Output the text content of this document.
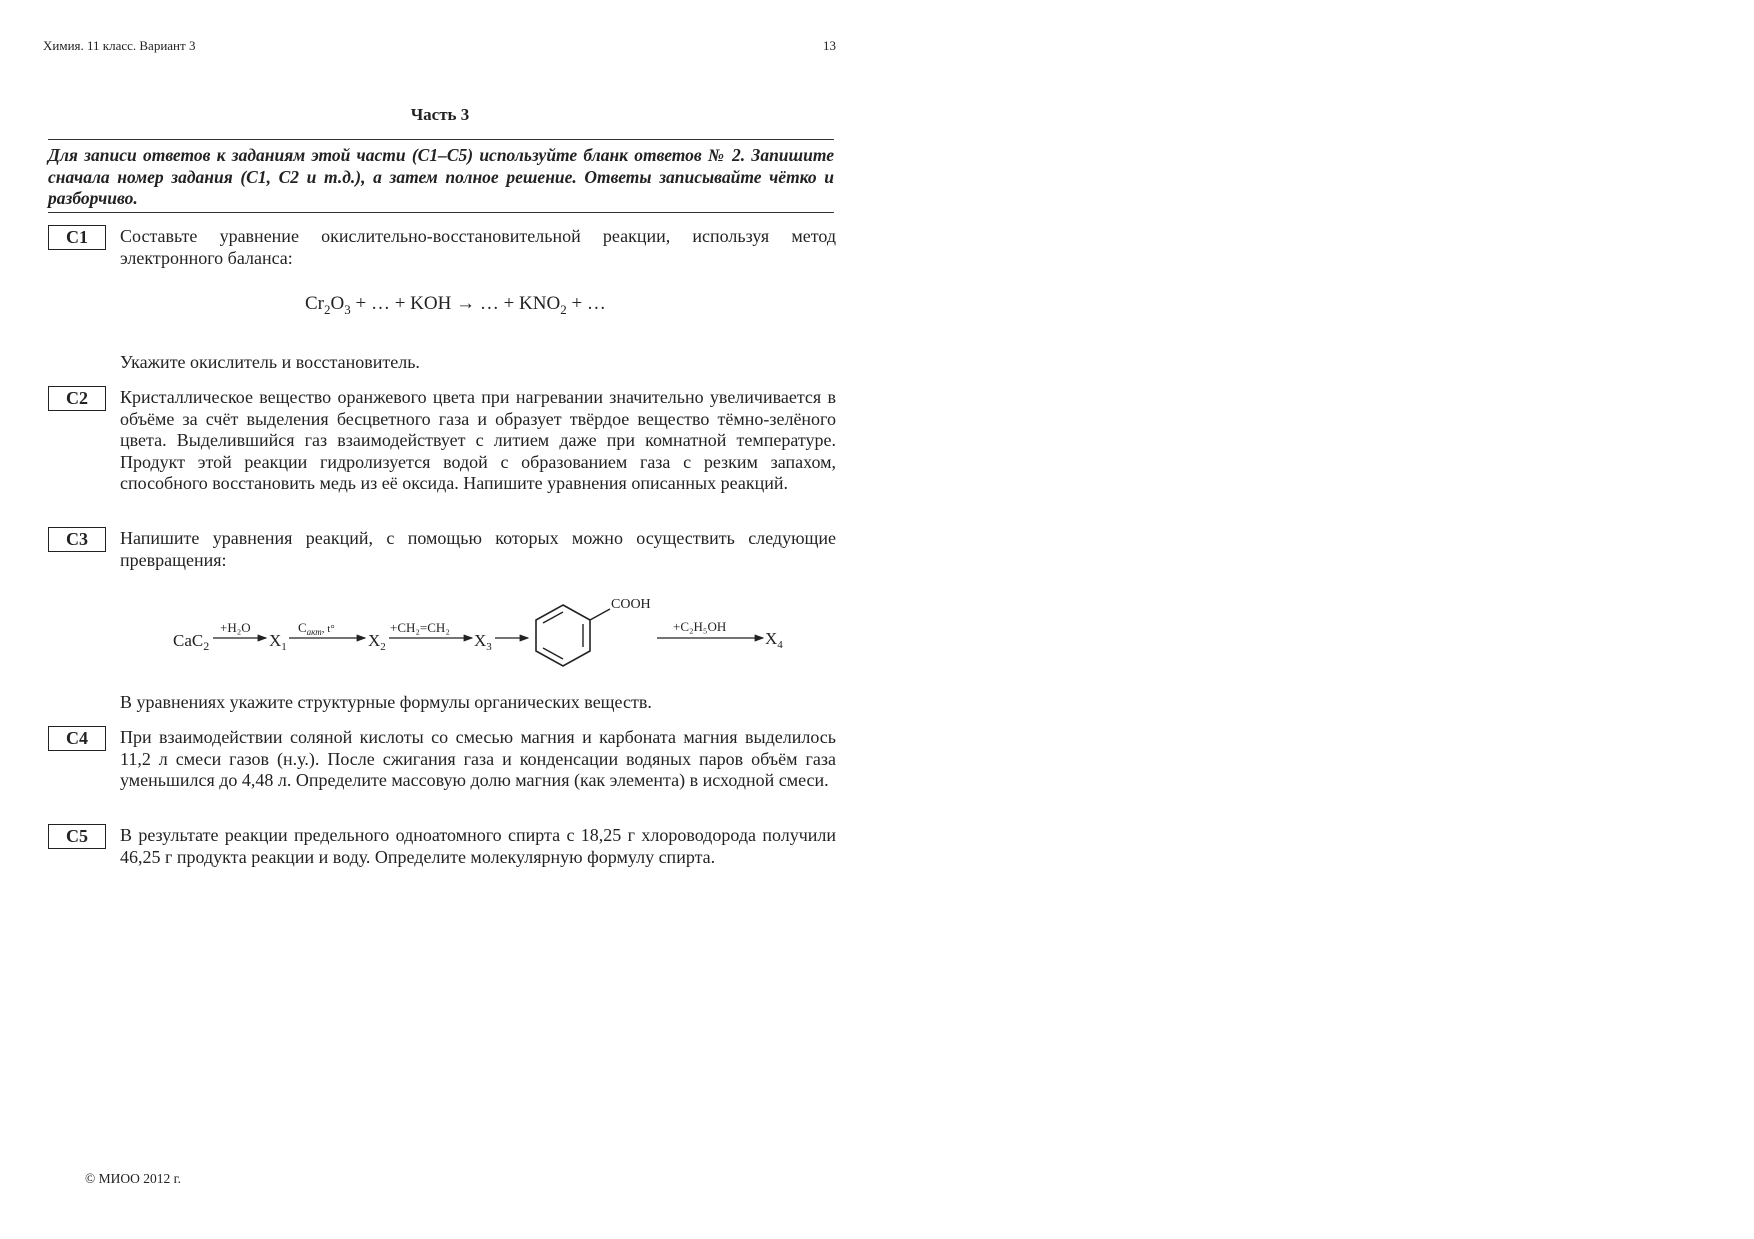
Химия. 11 класс. Вариант 3	13
Часть 3
Для записи ответов к заданиям этой части (С1–С5) используйте бланк ответов № 2. Запишите сначала номер задания (С1, С2 и т.д.), а затем полное решение. Ответы записывайте чётко и разборчиво.
С1	Составьте уравнение окислительно-восстановительной реакции, используя метод электронного баланса:
$Cr_2O_3$ + … + KOH → … + $KNO_2$ + …
Укажите окислитель и восстановитель.
С2	Кристаллическое вещество оранжевого цвета при нагревании значительно увеличивается в объёме за счёт выделения бесцветного газа и образует твёрдое вещество тёмно-зелёного цвета. Выделившийся газ взаимодействует с литием даже при комнатной температуре. Продукт этой реакции гидролизуется водой с образованием газа с резким запахом, способного восстановить медь из её оксида. Напишите уравнения описанных реакций.
С3	Напишите уравнения реакций, с помощью которых можно осуществить следующие превращения:
CaC$_2$
+H₂O
$X_1$
$C_{акт}^{, t^\circ}$
$X_2$
+CH₂=CH₂
$X_3$
COOH
+C₂H₅OH
$X_4$
В уравнениях укажите структурные формулы органических веществ.
С4	При взаимодействии соляной кислоты со смесью магния и карбоната магния выделилось 11,2 л смеси газов (н.у.). После сжигания газа и конденсации водяных паров объём газа уменьшился до 4,48 л. Определите массовую долю магния (как элемента) в исходной смеси.
С5	В результате реакции предельного одноатомного спирта с 18,25 г хлороводорода получили 46,25 г продукта реакции и воду. Определите молекулярную формулу спирта.
© МИОО 2012 г.
